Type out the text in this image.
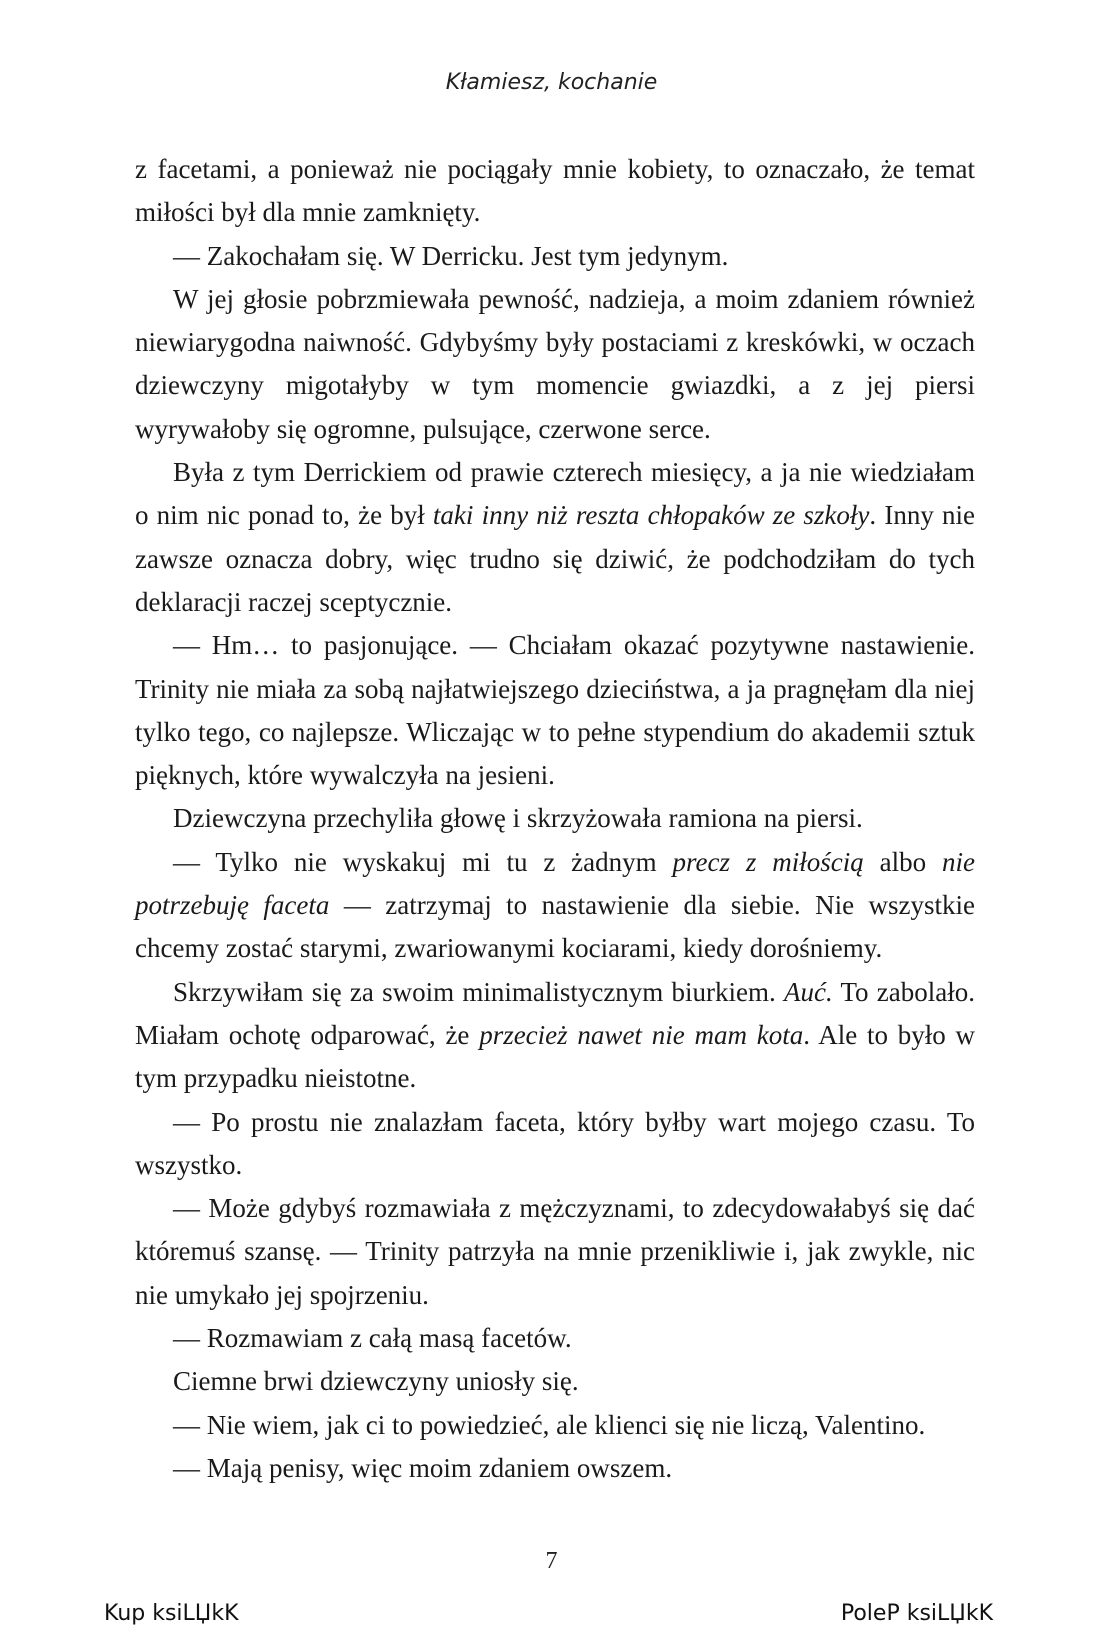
Kłamiesz, kochanie

z facetami, a ponieważ nie pociągały mnie kobiety, to oznaczało, że temat miłości był dla mnie zamknięty.

— Zakochałam się. W Derricku. Jest tym jedynym.

W jej głosie pobrzmiewała pewność, nadzieja, a moim zdaniem również niewiarygodna naiwność. Gdybyśmy były postaciami z kreskówki, w oczach dziewczyny migotałyby w tym momencie gwiazdki, a z jej piersi wyrywałoby się ogromne, pulsujące, czerwone serce.

Była z tym Derrickiem od prawie czterech miesięcy, a ja nie wiedziałam o nim nic ponad to, że był taki inny niż reszta chłopaków ze szkoły. Inny nie zawsze oznacza dobry, więc trudno się dziwić, że podchodziłam do tych deklaracji raczej sceptycznie.

— Hm… to pasjonujące. — Chciałam okazać pozytywne nastawienie. Trinity nie miała za sobą najłatwiejszego dzieciństwa, a ja pragnęłam dla niej tylko tego, co najlepsze. Wliczając w to pełne stypendium do akademii sztuk pięknych, które wywalczyła na jesieni.

Dziewczyna przechyliła głowę i skrzyżowała ramiona na piersi.

— Tylko nie wyskakuj mi tu z żadnym precz z miłością albo nie potrzebuję faceta — zatrzymaj to nastawienie dla siebie. Nie wszystkie chcemy zostać starymi, zwariowanymi kociarami, kiedy dorośniemy.

Skrzywiłam się za swoim minimalistycznym biurkiem. Auć. To zabolało. Miałam ochotę odparować, że przecież nawet nie mam kota. Ale to było w tym przypadku nieistotne.

— Po prostu nie znalazłam faceta, który byłby wart mojego czasu. To wszystko.

— Może gdybyś rozmawiała z mężczyznami, to zdecydowałabyś się dać któremuś szansę. — Trinity patrzyła na mnie przenikliwie i, jak zwykle, nic nie umykało jej spojrzeniu.

— Rozmawiam z całą masą facetów.

Ciemne brwi dziewczyny uniosły się.

— Nie wiem, jak ci to powiedzieć, ale klienci się nie liczą, Valentino.

— Mają penisy, więc moim zdaniem owszem.

7
Kup ksiLЏkK	PoleP ksiLЏkK
